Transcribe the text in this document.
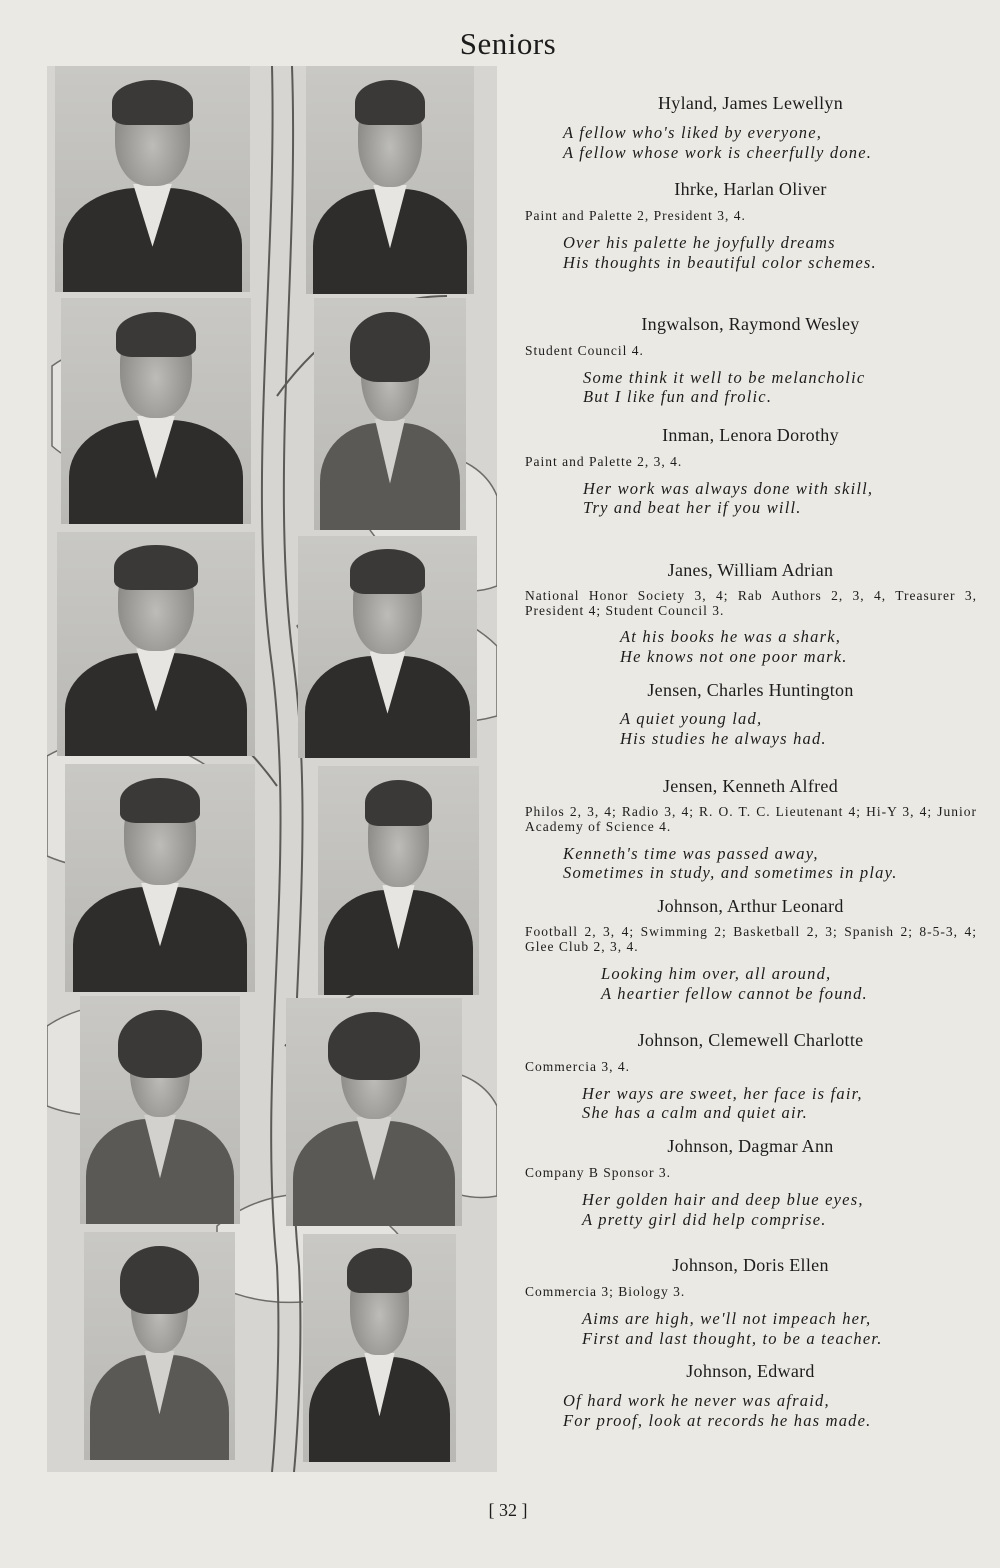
Seniors
Hyland, James Lewellyn
A fellow who's liked by everyone,
A fellow whose work is cheerfully done.
Ihrke, Harlan Oliver
Paint and Palette 2, President 3, 4.
Over his palette he joyfully dreams
His thoughts in beautiful color schemes.
Ingwalson, Raymond Wesley
Student Council 4.
Some think it well to be melancholic
But I like fun and frolic.
Inman, Lenora Dorothy
Paint and Palette 2, 3, 4.
Her work was always done with skill,
Try and beat her if you will.
Janes, William Adrian
National Honor Society 3, 4; Rab Authors 2, 3, 4, Treasurer 3, President 4; Student Council 3.
At his books he was a shark,
He knows not one poor mark.
Jensen, Charles Huntington
A quiet young lad,
His studies he always had.
Jensen, Kenneth Alfred
Philos 2, 3, 4; Radio 3, 4; R. O. T. C. Lieutenant 4; Hi-Y 3, 4; Junior Academy of Science 4.
Kenneth's time was passed away,
Sometimes in study, and sometimes in play.
Johnson, Arthur Leonard
Football 2, 3, 4; Swimming 2; Basketball 2, 3; Spanish 2; 8-5-3, 4; Glee Club 2, 3, 4.
Looking him over, all around,
A heartier fellow cannot be found.
Johnson, Clemewell Charlotte
Commercia 3, 4.
Her ways are sweet, her face is fair,
She has a calm and quiet air.
Johnson, Dagmar Ann
Company B Sponsor 3.
Her golden hair and deep blue eyes,
A pretty girl did help comprise.
Johnson, Doris Ellen
Commercia 3; Biology 3.
Aims are high, we'll not impeach her,
First and last thought, to be a teacher.
Johnson, Edward
Of hard work he never was afraid,
For proof, look at records he has made.
[ 32 ]
